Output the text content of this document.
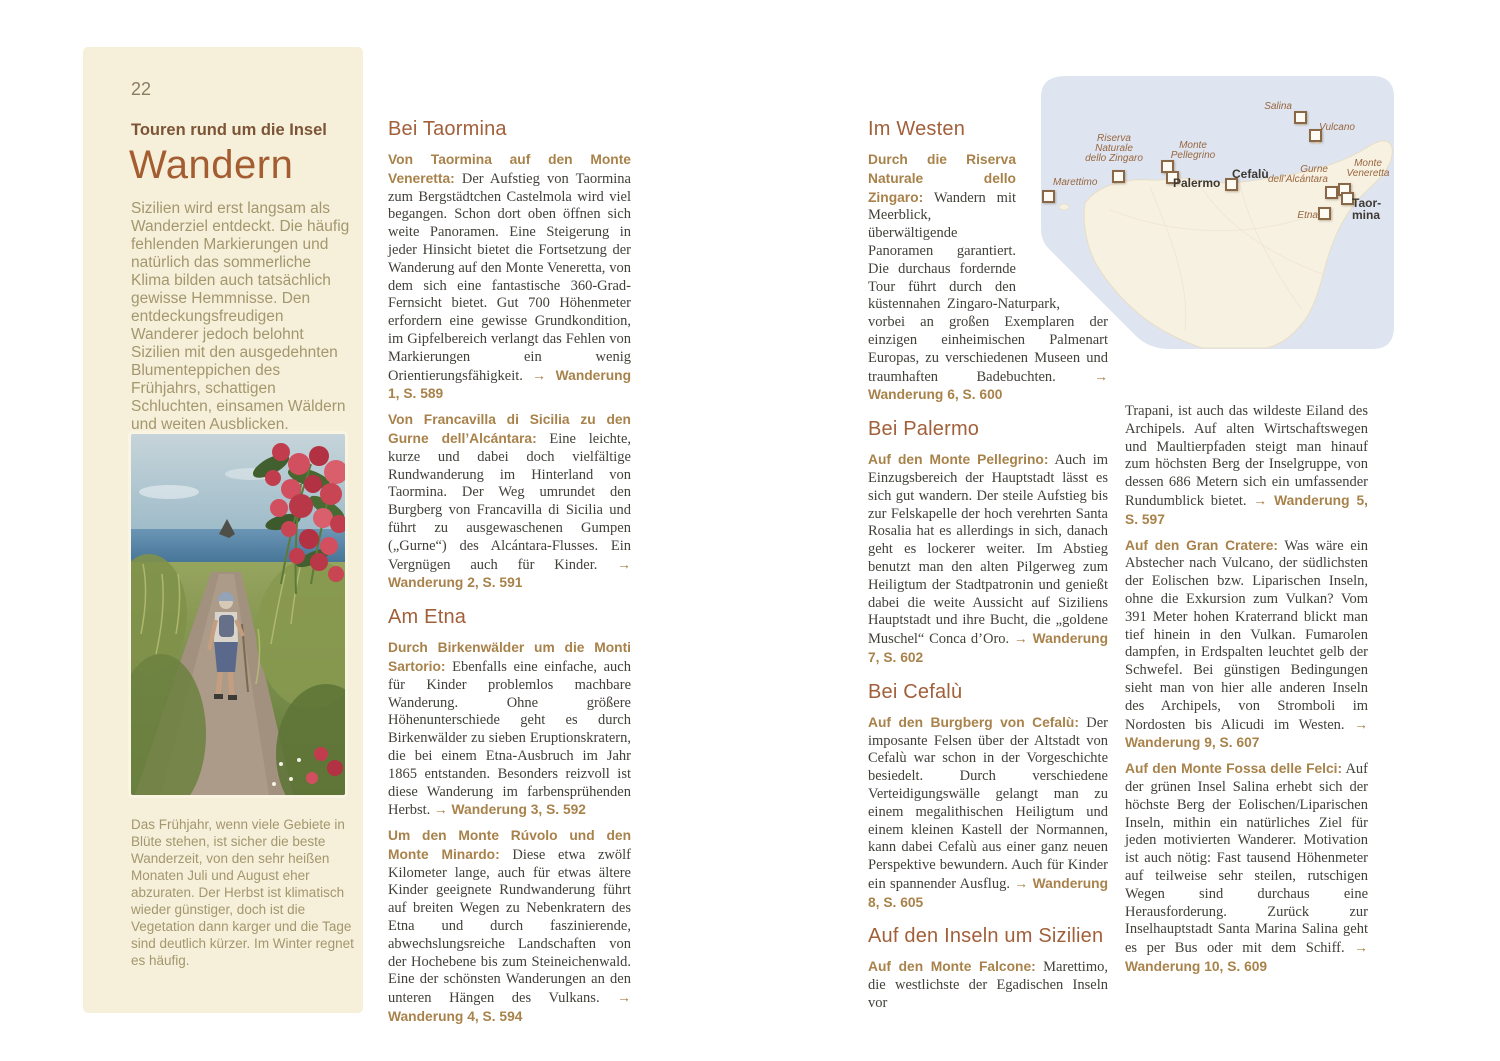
22
Touren rund um die Insel
Wandern

Sizilien wird erst langsam als Wanderziel entdeckt. Die häufig fehlenden Markierungen und natürlich das sommerliche Klima bilden auch tatsächlich gewisse Hemmnisse. Den entdeckungsfreudigen Wanderer jedoch belohnt Sizilien mit den ausgedehnten Blumenteppichen des Frühjahrs, schattigen Schluchten, einsamen Wäldern und weiten Ausblicken.

Das Frühjahr, wenn viele Gebiete in Blüte stehen, ist sicher die beste Wanderzeit, von den sehr heißen Monaten Juli und August eher abzuraten. Der Herbst ist klimatisch wieder günstiger, doch ist die Vegetation dann karger und die Tage sind deutlich kürzer. Im Winter regnet es häufig.

Bei Taormina

Von Taormina auf den Monte Veneretta: Der Aufstieg von Taormina zum Bergstädtchen Castelmola wird viel begangen. Schon dort oben öffnen sich weite Panoramen. Eine Steigerung in jeder Hinsicht bietet die Fortsetzung der Wanderung auf den Monte Veneretta, von dem sich eine fantastische 360-Grad-Fernsicht bietet. Gut 700 Höhenmeter erfordern eine gewisse Grundkondition, im Gipfelbereich verlangt das Fehlen von Markierungen ein wenig Orientierungsfähigkeit. → Wanderung 1, S. 589

Von Francavilla di Sicilia zu den Gurne dell’Alcántara: Eine leichte, kurze und dabei doch vielfältige Rundwanderung im Hinterland von Taormina. Der Weg umrundet den Burgberg von Francavilla di Sicilia und führt zu ausgewaschenen Gumpen („Gurne“) des Alcántara-Flusses. Ein Vergnügen auch für Kinder. → Wanderung 2, S. 591

Am Etna

Durch Birkenwälder um die Monti Sartorio: Ebenfalls eine einfache, auch für Kinder problemlos machbare Wanderung. Ohne größere Höhenunterschiede geht es durch Birkenwälder zu sieben Eruptionskratern, die bei einem Etna-Ausbruch im Jahr 1865 entstanden. Besonders reizvoll ist diese Wanderung im farbensprühenden Herbst. → Wanderung 3, S. 592

Um den Monte Rúvolo und den Monte Minardo: Diese etwa zwölf Kilometer lange, auch für etwas ältere Kinder geeignete Rundwanderung führt auf breiten Wegen zu Nebenkratern des Etna und durch faszinierende, abwechslungsreiche Landschaften von der Hochebene bis zum Steineichenwald. Eine der schönsten Wanderungen an den unteren Hängen des Vulkans. → Wanderung 4, S. 594

Im Westen

Durch die Riserva Naturale dello Zingaro: Wandern mit Meerblick, überwältigende Panoramen garantiert. Die durchaus fordernde Tour führt durch den küstennahen Zingaro-Naturpark, vorbei an großen Exemplaren der einzigen einheimischen Palmenart Europas, zu verschiedenen Museen und traumhaften Badebuchten.	→ Wanderung 6, S. 600

Bei Palermo

Auf den Monte Pellegrino: Auch im Einzugsbereich der Hauptstadt lässt es sich gut wandern. Der steile Aufstieg bis zur Felskapelle der hoch verehrten Santa Rosalia hat es allerdings in sich, danach geht es lockerer weiter. Im Abstieg benutzt man den alten Pilgerweg zum Heiligtum der Stadtpatronin und genießt dabei die weite Aussicht auf Siziliens Hauptstadt und ihre Bucht, die „goldene Muschel“ Conca d’Oro. → Wanderung 7, S. 602

Bei Cefalù

Auf den Burgberg von Cefalù: Der imposante Felsen über der Altstadt von Cefalù war schon in der Vorgeschichte besiedelt. Durch verschiedene Verteidigungswälle gelangt man zu einem megalithischen Heiligtum und einem kleinen Kastell der Normannen, kann dabei Cefalù aus einer ganz neuen Perspektive bewundern. Auch für Kinder ein spannender Ausflug. → Wanderung 8, S. 605

Auf den Inseln um Sizilien

Auf den Monte Falcone: Marettimo, die westlichste der Egadischen Inseln vor

Trapani, ist auch das wildeste Eiland des Archipels. Auf alten Wirtschaftswegen und Maultierpfaden steigt man hinauf zum höchsten Berg der Inselgruppe, von dessen 686 Metern sich ein umfassender Rundumblick bietet. → Wanderung 5, S. 597

Auf den Gran Cratere: Was wäre ein Abstecher nach Vulcano, der südlichsten der Eolischen bzw. Liparischen Inseln, ohne die Exkursion zum Vulkan? Vom 391 Meter hohen Kraterrand blickt man tief hinein in den Vulkan. Fumarolen dampfen, in Erdspalten leuchtet gelb der Schwefel. Bei günstigen Bedingungen sieht man von hier alle anderen Inseln des Archipels, von Stromboli im Nordosten bis Alicudi im Westen. → Wanderung 9, S. 607

Auf den Monte Fossa delle Felci: Auf der grünen Insel Salina erhebt sich der höchste Berg der Eolischen/Liparischen Inseln, mithin ein natürliches Ziel für jeden motivierten Wanderer. Motivation ist auch nötig: Fast tausend Höhenmeter auf teilweise sehr steilen, rutschigen Wegen sind durchaus eine Herausforderung. Zurück zur Inselhauptstadt Santa Marina Salina geht es per Bus oder mit dem Schiff. → Wanderung 10, S. 609

Salina
Vulcano
Marettimo
Riserva
Naturale
dello Zingaro
Monte
Pellegrino
Palermo
Cefalù	Gurne
dell’Alcántara
Monte
Veneretta
Taor-
mina
Etna
